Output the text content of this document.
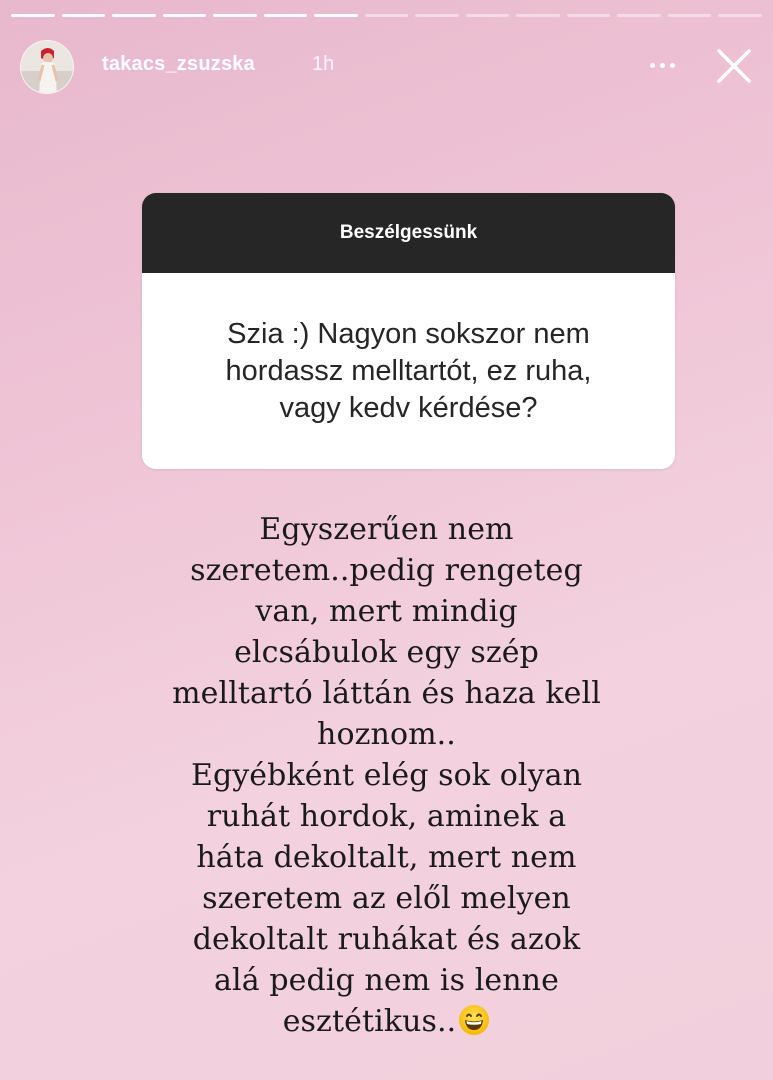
takacs_zsuzska	1h
Beszélgessünk
Szia :) Nagyon sokszor nem hordassz melltartót, ez ruha, vagy kedv kérdése?
Egyszerűen nem
szeretem..pedig rengeteg
van, mert mindig
elcsábulok egy szép
melltartó láttán és haza kell
hoznom..
Egyébként elég sok olyan
ruhát hordok, aminek a
háta dekoltalt, mert nem
szeretem az elől melyen
dekoltalt ruhákat és azok
alá pedig nem is lenne
esztétikus..
